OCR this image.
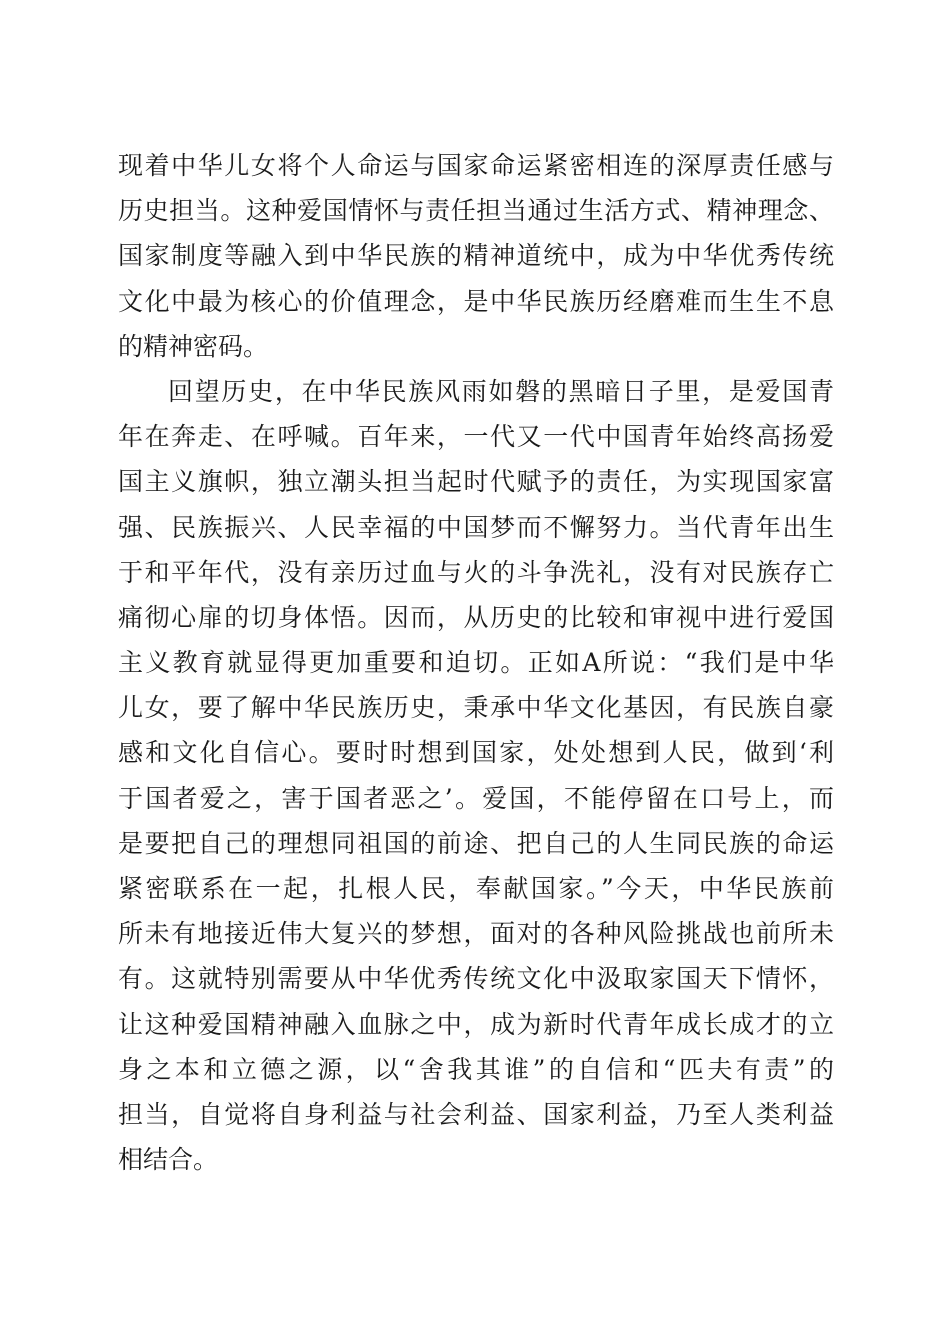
现着中华儿女将个人命运与国家命运紧密相连的深厚责任感与
历史担当。这种爱国情怀与责任担当通过生活方式、精神理念、
国家制度等融入到中华民族的精神道统中，成为中华优秀传统
文化中最为核心的价值理念，是中华民族历经磨难而生生不息
的精神密码。
回望历史，在中华民族风雨如磐的黑暗日子里，是爱国青
年在奔走、在呼喊。百年来，一代又一代中国青年始终高扬爱
国主义旗帜，独立潮头担当起时代赋予的责任，为实现国家富
强、民族振兴、人民幸福的中国梦而不懈努力。当代青年出生
于和平年代，没有亲历过血与火的斗争洗礼，没有对民族存亡
痛彻心扉的切身体悟。因而，从历史的比较和审视中进行爱国
主义教育就显得更加重要和迫切。正如A所说：“我们是中华
儿女，要了解中华民族历史，秉承中华文化基因，有民族自豪
感和文化自信心。要时时想到国家，处处想到人民，做到‘利
于国者爱之，害于国者恶之’。爱国，不能停留在口号上，而
是要把自己的理想同祖国的前途、把自己的人生同民族的命运
紧密联系在一起，扎根人民，奉献国家。”今天，中华民族前
所未有地接近伟大复兴的梦想，面对的各种风险挑战也前所未
有。这就特别需要从中华优秀传统文化中汲取家国天下情怀，
让这种爱国精神融入血脉之中，成为新时代青年成长成才的立
身之本和立德之源，以“舍我其谁”的自信和“匹夫有责”的
担当，自觉将自身利益与社会利益、国家利益，乃至人类利益
相结合。
